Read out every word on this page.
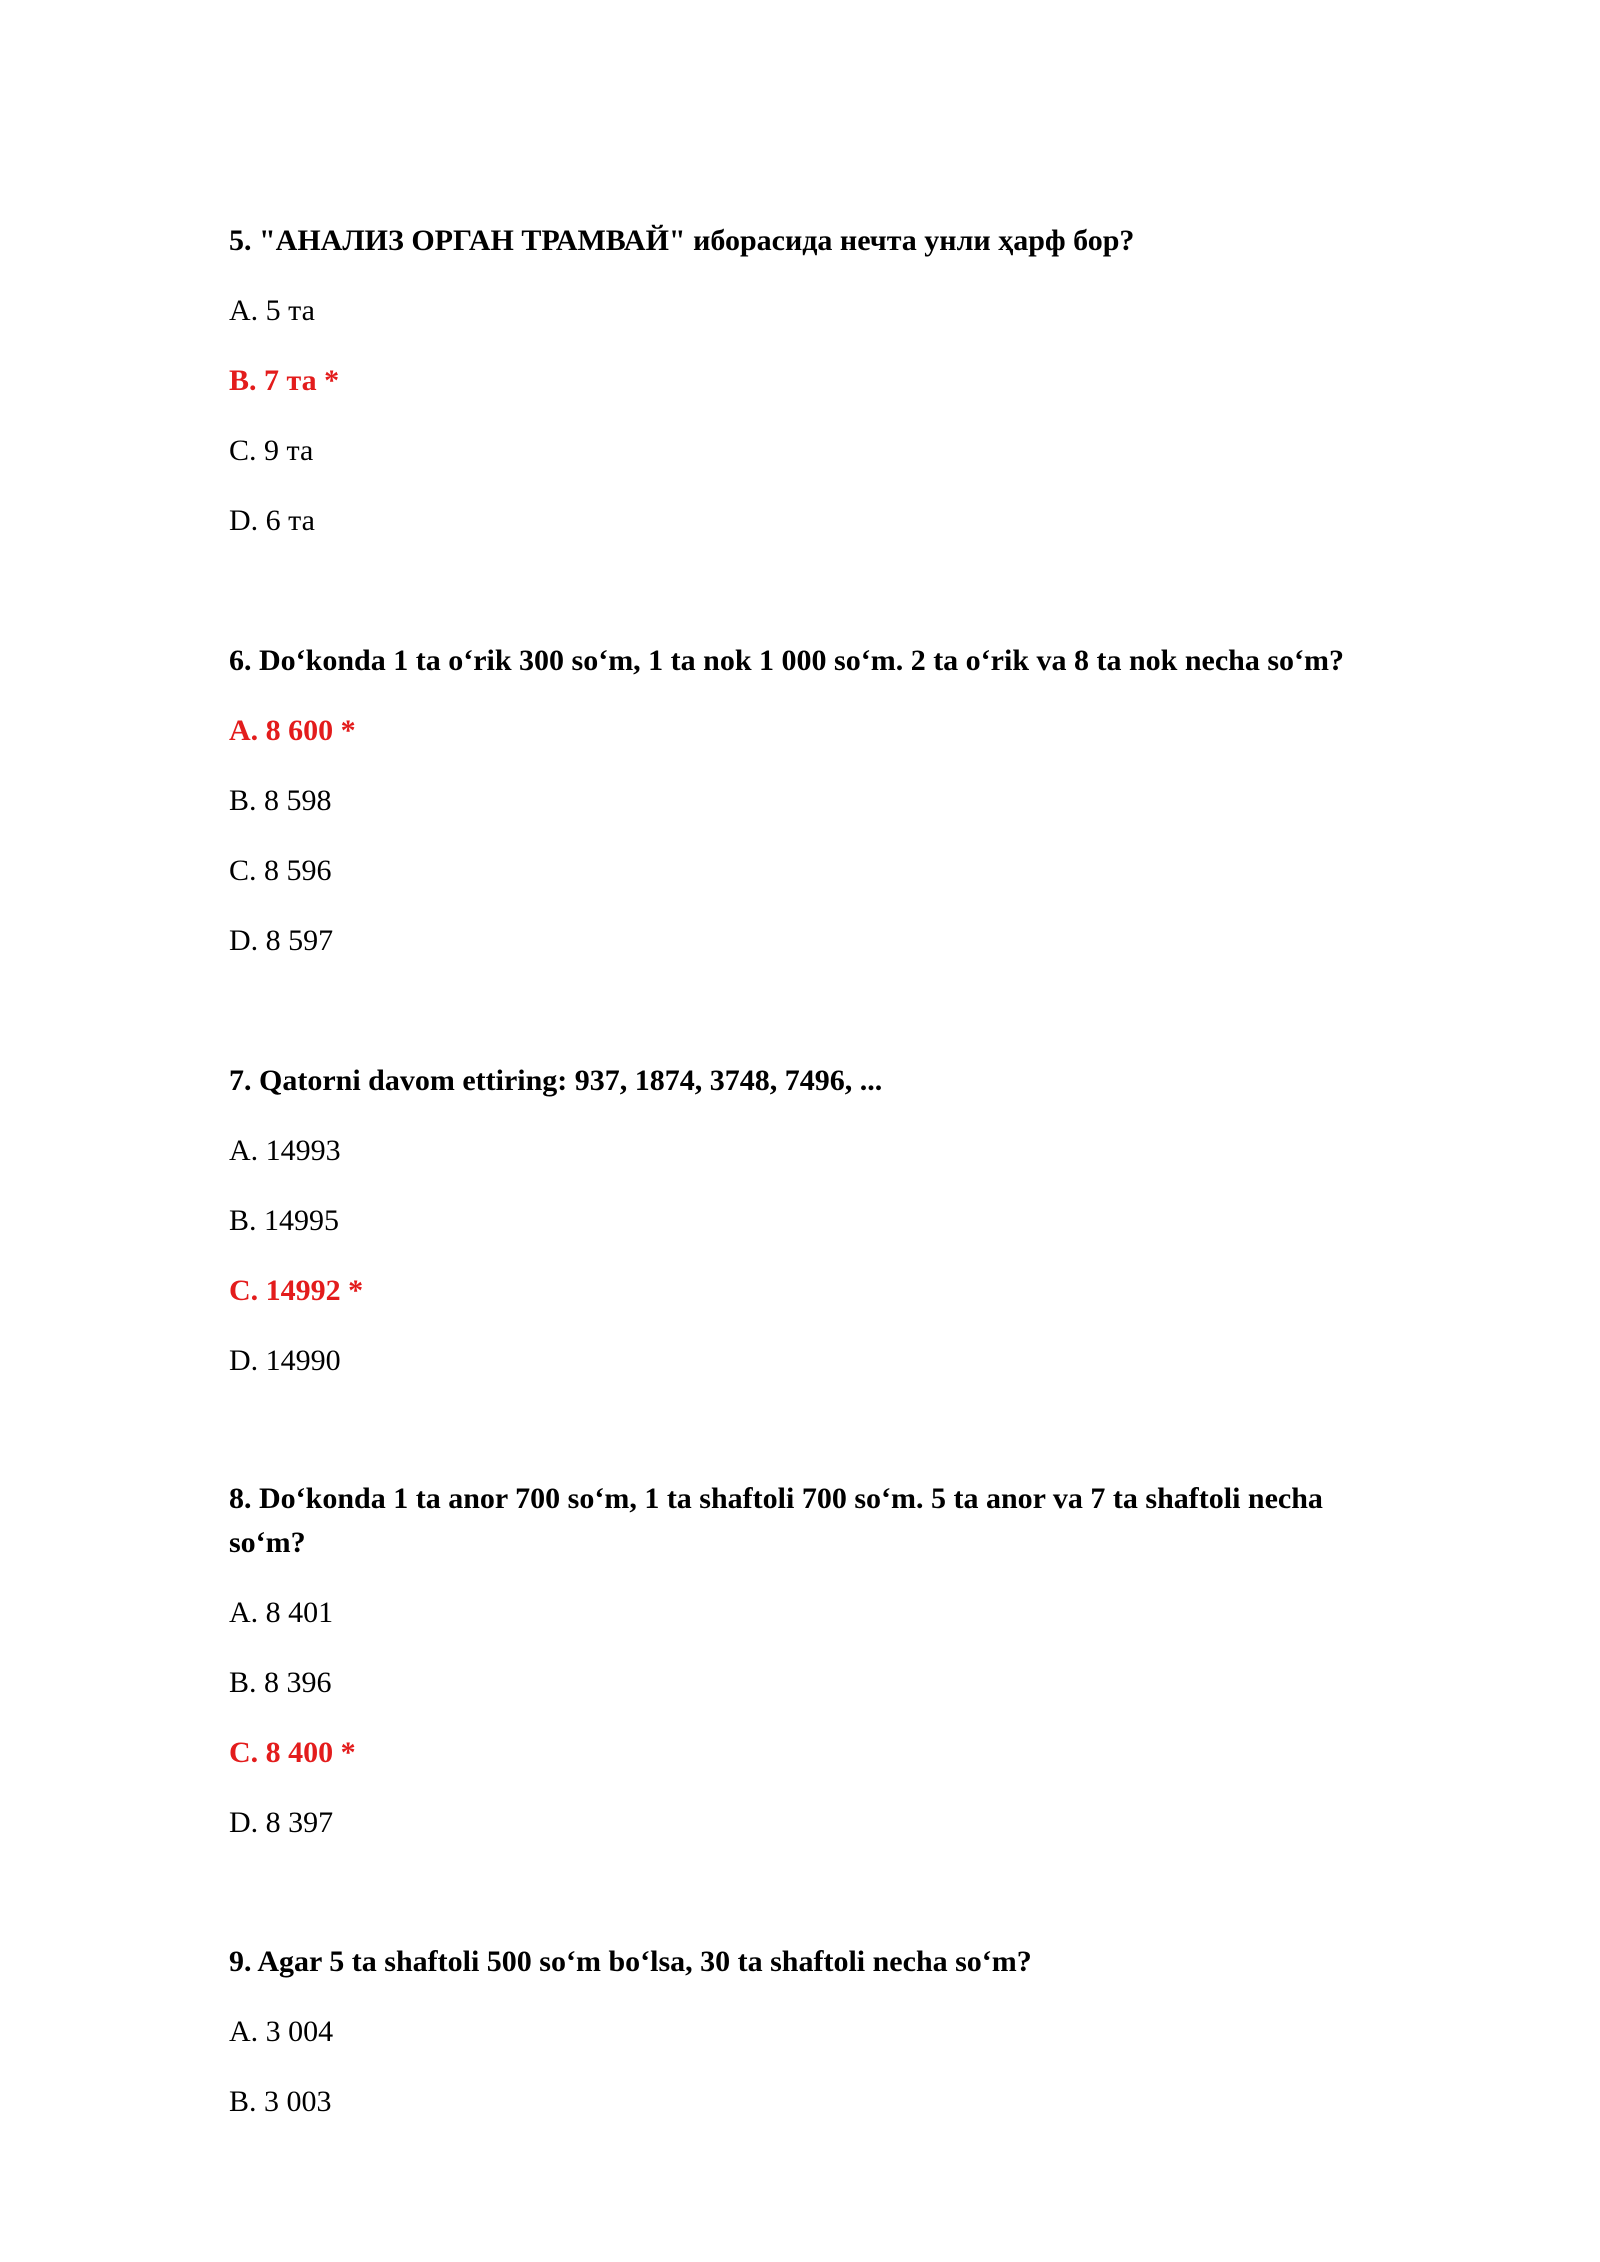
5. "АНАЛИЗ ОРГАН ТРАМВАЙ" иборасида нечта унли ҳарф бор?
A. 5 та
B. 7 та *
C. 9 та
D. 6 та
6. Do‘konda 1 ta o‘rik 300 so‘m, 1 ta nok 1 000 so‘m. 2 ta o‘rik va 8 ta nok necha so‘m?
A. 8 600 *
B. 8 598
C. 8 596
D. 8 597
7. Qatorni davom ettiring: 937, 1874, 3748, 7496, ...
A. 14993
B. 14995
C. 14992 *
D. 14990
8. Do‘konda 1 ta anor 700 so‘m, 1 ta shaftoli 700 so‘m. 5 ta anor va 7 ta shaftoli necha
so‘m?
A. 8 401
B. 8 396
C. 8 400 *
D. 8 397
9. Agar 5 ta shaftoli 500 so‘m bo‘lsa, 30 ta shaftoli necha so‘m?
A. 3 004
B. 3 003
